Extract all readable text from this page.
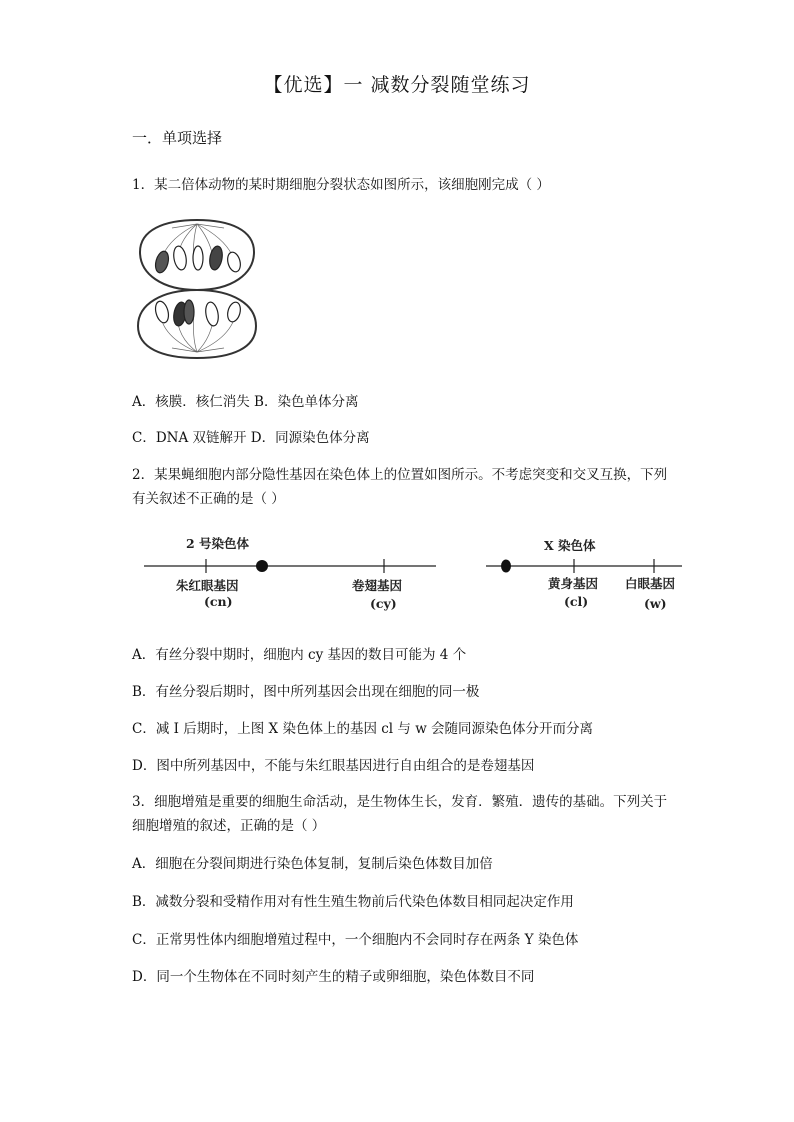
【优选】一 减数分裂随堂练习
一．单项选择
1．某二倍体动物的某时期细胞分裂状态如图所示，该细胞刚完成（ ）
A．核膜．核仁消失 B．染色单体分离
C．DNA 双链解开 D．同源染色体分离
2．某果蝇细胞内部分隐性基因在染色体上的位置如图所示。不考虑突变和交叉互换，下列有关叙述不正确的是（ ）
2 号染色体
朱红眼基因
(cn)
卷翅基因
(cy)
X 染色体
黄身基因
(cl)
白眼基因
(w)
A．有丝分裂中期时，细胞内 cy 基因的数目可能为 4 个
B．有丝分裂后期时，图中所列基因会出现在细胞的同一极
C．减 I 后期时，上图 X 染色体上的基因 cl 与 w 会随同源染色体分开而分离
D．图中所列基因中，不能与朱红眼基因进行自由组合的是卷翅基因
3．细胞增殖是重要的细胞生命活动，是生物体生长，发育．繁殖．遗传的基础。下列关于细胞增殖的叙述，正确的是（ ）
A．细胞在分裂间期进行染色体复制，复制后染色体数目加倍
B．减数分裂和受精作用对有性生殖生物前后代染色体数目相同起决定作用
C．正常男性体内细胞增殖过程中，一个细胞内不会同时存在两条 Y 染色体
D．同一个生物体在不同时刻产生的精子或卵细胞，染色体数目不同
